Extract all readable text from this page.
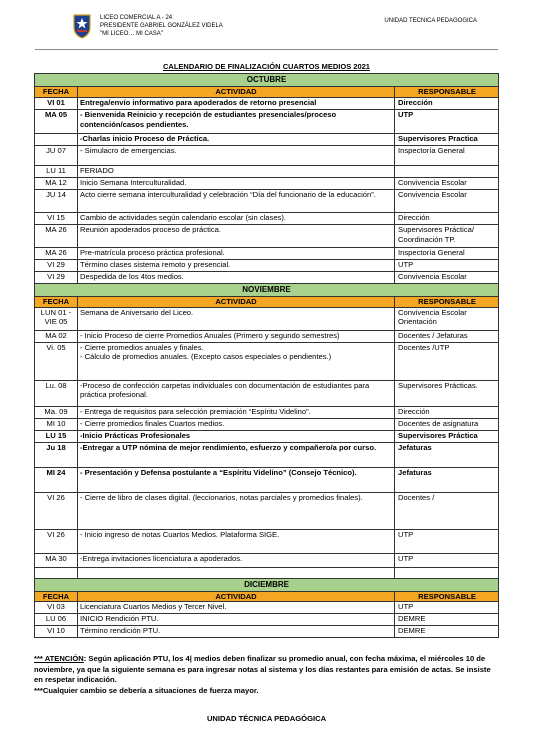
LICEO COMERCIAL A - 24
PRESIDENTE GABRIEL GONZÁLEZ VIDELA
"MI LICEO… MI CASA"
UNIDAD TECNICA PEDAGOGICA
CALENDARIO DE FINALIZACIÓN CUARTOS MEDIOS 2021
OCTUBRE		
FECHA	ACTIVIDAD	RESPONSABLE
VI 01	Entrega/envío informativo para apoderados de retorno presencial	Dirección
MA 05	- Bienvenida Reinicio y recepción de estudiantes presenciales/proceso contención/casos pendientes.	UTP
	-Charlas inicio Proceso de Práctica.	Supervisores Practica
JU 07	- Simulacro de emergencias.	Inspectoría General
LU 11	FERIADO	
MA 12	Inicio Semana Interculturalidad.	Convivencia Escolar
JU 14	Acto cierre semana interculturalidad y celebración “Día del funcionario de la educación”.	Convivencia Escolar
VI 15	Cambio de actividades según calendario escolar (sin clases).	Dirección
MA 26	Reunión apoderados proceso de práctica.	Supervisores Práctica/ Coordinación TP.
MA 26	Pre-matrícula proceso práctica profesional.	Inspectoría General
VI 29	Término clases sistema remoto y presencial.	UTP
VI 29	Despedida de los 4tos medios.	Convivencia Escolar
NOVIEMBRE		
FECHA	ACTIVIDAD	RESPONSABLE
LUN 01 -VIE 05	Semana de Aniversario del Liceo.	Convivencia Escolar Orientación
MA 02	- Inicio Proceso de cierre Promedios Anuales (Primero y segundo semestres)	Docentes / Jefaturas
Vi. 05	- Cierre promedios anuales y finales.
- Cálculo de promedios anuales. (Excepto casos especiales o pendientes.)	Docentes /UTP
Lu. 08	-Proceso de confección carpetas individuales con documentación de estudiantes para práctica profesional.	Supervisores Prácticas.
Ma. 09	- Entrega de requisitos para selección premiación “Espíritu Videlino”.	Dirección
MI 10	- Cierre promedios finales Cuartos medios.	Docentes de asignatura
LU 15	-Inicio Prácticas Profesionales	Supervisores Práctica
Ju 18	-Entregar a UTP nómina de mejor rendimiento, esfuerzo y compañero/a por curso.	Jefaturas
MI 24	- Presentación y Defensa postulante a “Espíritu Videlino” (Consejo Técnico).	Jefaturas
VI 26	- Cierre de libro de clases digital. (leccionarios, notas parciales y promedios finales).	Docentes /
VI 26	- Inicio ingreso de notas Cuartos Medios. Plataforma SIGE.	UTP
MA 30	-Entrega invitaciones licenciatura a apoderados.	UTP

DICIEMBRE		
FECHA	ACTIVIDAD	RESPONSABLE
VI 03	Licenciatura Cuartos Medios y Tercer Nivel.	UTP
LU 06	INICIO Rendición PTU.	DEMRE
VI 10	Término rendición PTU.	DEMRE

*** ATENCIÓN: Según aplicación PTU, los 4| medios deben finalizar su promedio anual, con fecha máxima, el miércoles 10 de noviembre, ya que la siguiente semana es para ingresar notas al sistema y los días restantes para emisión de actas. Se insiste en respetar indicación.

***Cualquier cambio se debería a situaciones de fuerza mayor.

UNIDAD TÉCNICA PEDAGÓGICA
